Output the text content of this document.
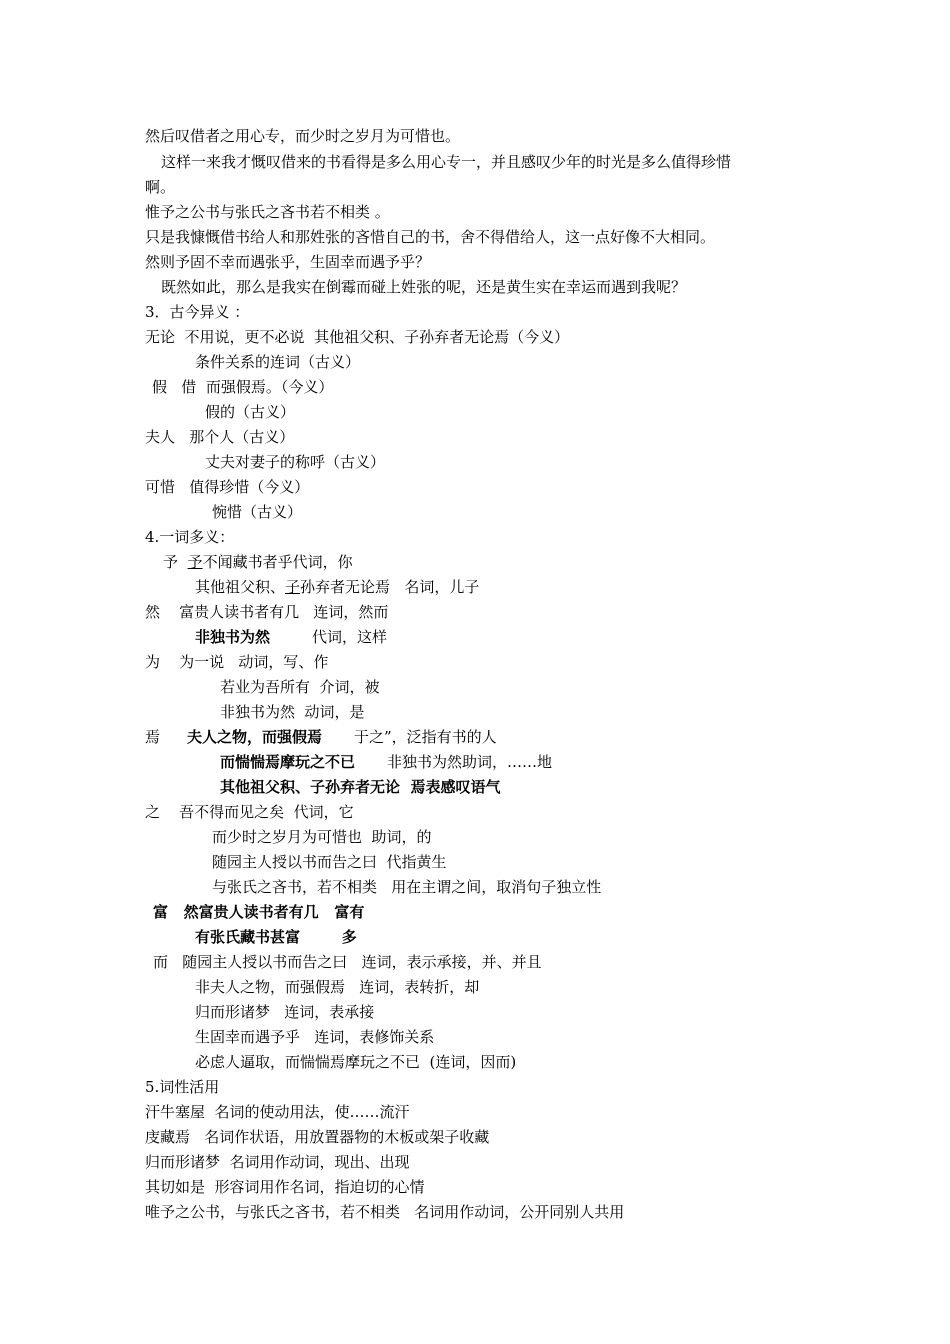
然后叹借者之用心专，而少时之岁月为可惜也。
这样一来我才慨叹借来的书看得是多么用心专一，并且感叹少年的时光是多么值得珍惜
啊。
惟予之公书与张氏之吝书若不相类 。
只是我慷慨借书给人和那姓张的吝惜自己的书，舍不得借给人，这一点好像不大相同。
然则予固不幸而遇张乎，生固幸而遇予乎？
既然如此，那么是我实在倒霉而碰上姓张的呢，还是黄生实在幸运而遇到我呢？
3．古今异义 ：
无论  不用说，更不必说  其他祖父积、子孙弃者无论焉（今义）
条件关系的连词（古义）
假   借  而强假焉。（今义）
假的（古义）
夫人   那个人（古义）
丈夫对妻子的称呼（古义）
可惜   值得珍惜（今义）
惋惜（古义）
4.一词多义：
予  予不闻藏书者乎代词，你
其他祖父积、子孙弃者无论焉   名词，儿子
然    富贵人读书者有几   连词，然而
非独书为然	代词，这样
为    为一说   动词，写、作
若业为吾所有  介词，被
非独书为然  动词，是
焉 夫人之物，而强假焉 于之”，泛指有书的人
而惴惴焉摩玩之不已 非独书为然助词，……地
其他祖父积、子孙弃者无论  焉表感叹语气
之    吾不得而见之矣  代词，它
而少时之岁月为可惜也  助词，的
随园主人授以书而告之曰  代指黄生
与张氏之吝书，若不相类   用在主谓之间，取消句子独立性
富   然富贵人读书者有几   富有
有张氏藏书甚富        多
而   随园主人授以书而告之曰   连词，表示承接，并、并且
非夫人之物，而强假焉   连词，表转折，却
归而形诸梦   连词，表承接
生固幸而遇予乎   连词，表修饰关系
必虑人逼取，而惴惴焉摩玩之不已  (连词，因而)
5.词性活用
汗牛塞屋  名词的使动用法，使……流汗
庋藏焉   名词作状语，用放置器物的木板或架子收藏
归而形诸梦  名词用作动词，现出、出现
其切如是  形容词用作名词，指迫切的心情
唯予之公书，与张氏之吝书，若不相类   名词用作动词，公开同别人共用
